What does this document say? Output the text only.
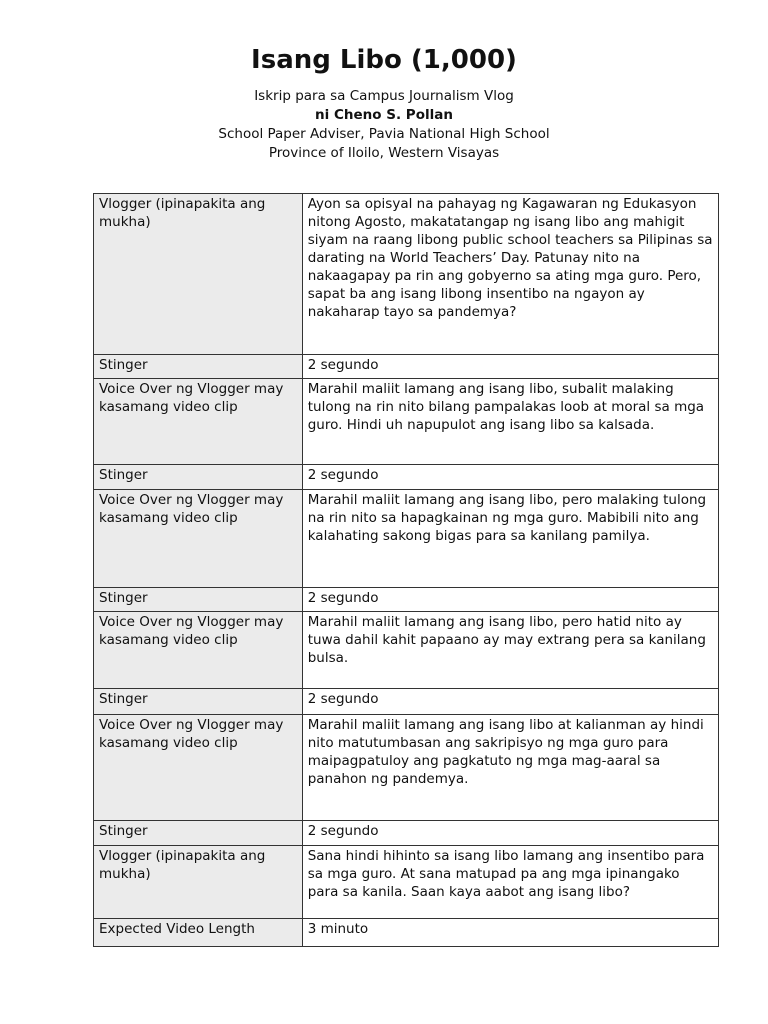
Isang Libo (1,000)
Iskrip para sa Campus Journalism Vlog
ni Cheno S. Pollan
School Paper Adviser, Pavia National High School
Province of Iloilo, Western Visayas
Vlogger (ipinapakita ang mukha)	Ayon sa opisyal na pahayag ng Kagawaran ng Edukasyon nitong Agosto, makatatangap ng isang libo ang mahigit siyam na raang libong public school teachers sa Pilipinas sa darating na World Teachers’ Day. Patunay nito na nakaagapay pa rin ang gobyerno sa ating mga guro. Pero, sapat ba ang isang libong insentibo na ngayon ay nakaharap tayo sa pandemya?
Stinger	2 segundo
Voice Over ng Vlogger may kasamang video clip	Marahil maliit lamang ang isang libo, subalit malaking tulong na rin nito bilang pampalakas loob at moral sa mga guro. Hindi uh napupulot ang isang libo sa kalsada.
Stinger	2 segundo
Voice Over ng Vlogger may kasamang video clip	Marahil maliit lamang ang isang libo, pero malaking tulong na rin nito sa hapagkainan ng mga guro. Mabibili nito ang kalahating sakong bigas para sa kanilang pamilya.
Stinger	2 segundo
Voice Over ng Vlogger may kasamang video clip	Marahil maliit lamang ang isang libo, pero hatid nito ay tuwa dahil kahit papaano ay may extrang pera sa kanilang bulsa.
Stinger	2 segundo
Voice Over ng Vlogger may kasamang video clip	Marahil maliit lamang ang isang libo at kalianman ay hindi nito matutumbasan ang sakripisyo ng mga guro para maipagpatuloy ang pagkatuto ng mga mag-aaral sa panahon ng pandemya.
Stinger	2 segundo
Vlogger (ipinapakita ang mukha)	Sana hindi hihinto sa isang libo lamang ang insentibo para sa mga guro. At sana matupad pa ang mga ipinangako para sa kanila. Saan kaya aabot ang isang libo?
Expected Video Length	3 minuto
